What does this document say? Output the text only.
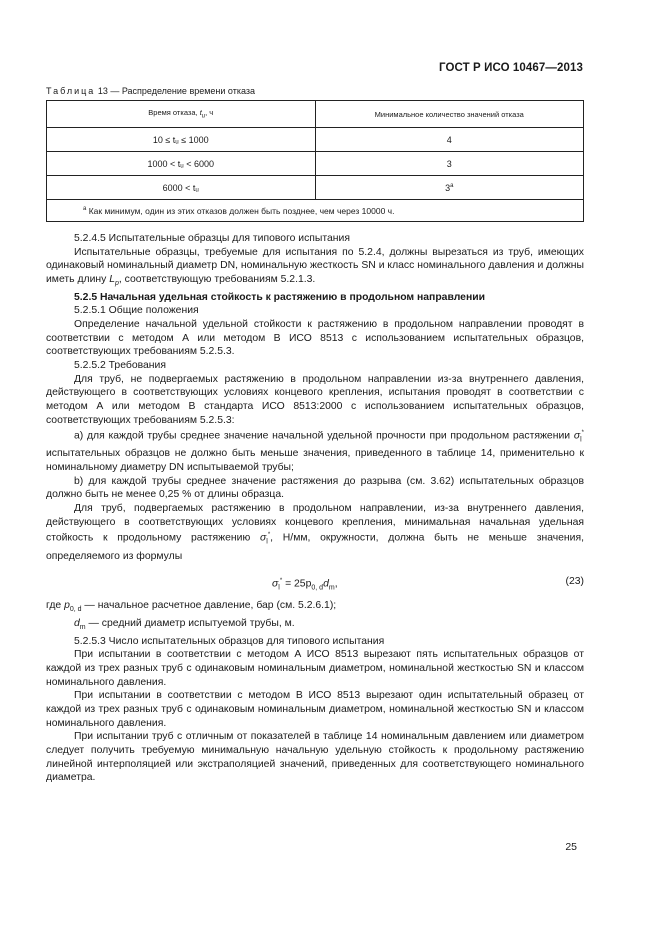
ГОСТ Р ИСО 10467—2013
Таблица 13 — Распределение времени отказа
Время отказа, $t_u$, ч	Минимальное количество значений отказа
10 ≤ tᵤ ≤ 1000	4
1000 < tᵤ < 6000	3
6000 < tᵤ	3$^a$
$^a$ Как минимум, один из этих отказов должен быть позднее, чем через 10000 ч.	

5.2.4.5 Испытательные образцы для типового испытания

Испытательные образцы, требуемые для испытания по 5.2.4, должны вырезаться из труб, имеющих одинаковый номинальный диаметр DN, номинальную жесткость SN и класс номинального давления и должны иметь длину $L_p$, соответствующую требованиям 5.2.1.3.

5.2.5 Начальная удельная стойкость к растяжению в продольном направлении

5.2.5.1 Общие положения

Определение начальной удельной стойкости к растяжению в продольном направлении проводят в соответствии с методом А или методом В ИСО 8513 с использованием испытательных образцов, соответствующих требованиям 5.2.5.3.

5.2.5.2 Требования

Для труб, не подвергаемых растяжению в продольном направлении из-за внутреннего давления, действующего в соответствующих условиях концевого крепления, испытания проводят в соответствии с методом А или методом В стандарта ИСО 8513:2000 с использованием испытательных образцов, соответствующих требованиям 5.2.5.3:

а) для каждой трубы среднее значение начальной удельной прочности при продольном растяжении $\sigma_l^*$ испытательных образцов не должно быть меньше значения, приведенного в таблице 14, применительно к номинальному диаметру DN испытываемой трубы;

b) для каждой трубы среднее значение растяжения до разрыва (см. 3.62) испытательных образцов должно быть не менее 0,25 % от длины образца.

Для труб, подвергаемых растяжению в продольном направлении, из-за внутреннего давления, действующего в соответствующих условиях концевого крепления, минимальная начальная удельная стойкость к продольному растяжению $\sigma_l^*$, Н/мм, окружности, должна быть не меньше значения, определяемого из формулы

$\sigma_l^* = 25p_{0, d}d_m$,	(23)

где $p_{0, d}$ — начальное расчетное давление, бар (см. 5.2.6.1);

$d_m$ — средний диаметр испытуемой трубы, м.

5.2.5.3 Число испытательных образцов для типового испытания

При испытании в соответствии с методом А ИСО 8513 вырезают пять испытательных образцов от каждой из трех разных труб с одинаковым номинальным диаметром, номинальной жесткостью SN и классом номинального давления.

При испытании в соответствии с методом В ИСО 8513 вырезают один испытательный образец от каждой из трех разных труб с одинаковым номинальным диаметром, номинальной жесткостью SN и классом номинального давления.

При испытании труб с отличным от показателей в таблице 14 номинальным давлением или диаметром следует получить требуемую минимальную начальную удельную стойкость к продольному растяжению линейной интерполяцией или экстраполяцией значений, приведенных для соответствующего номинального диаметра.

25
